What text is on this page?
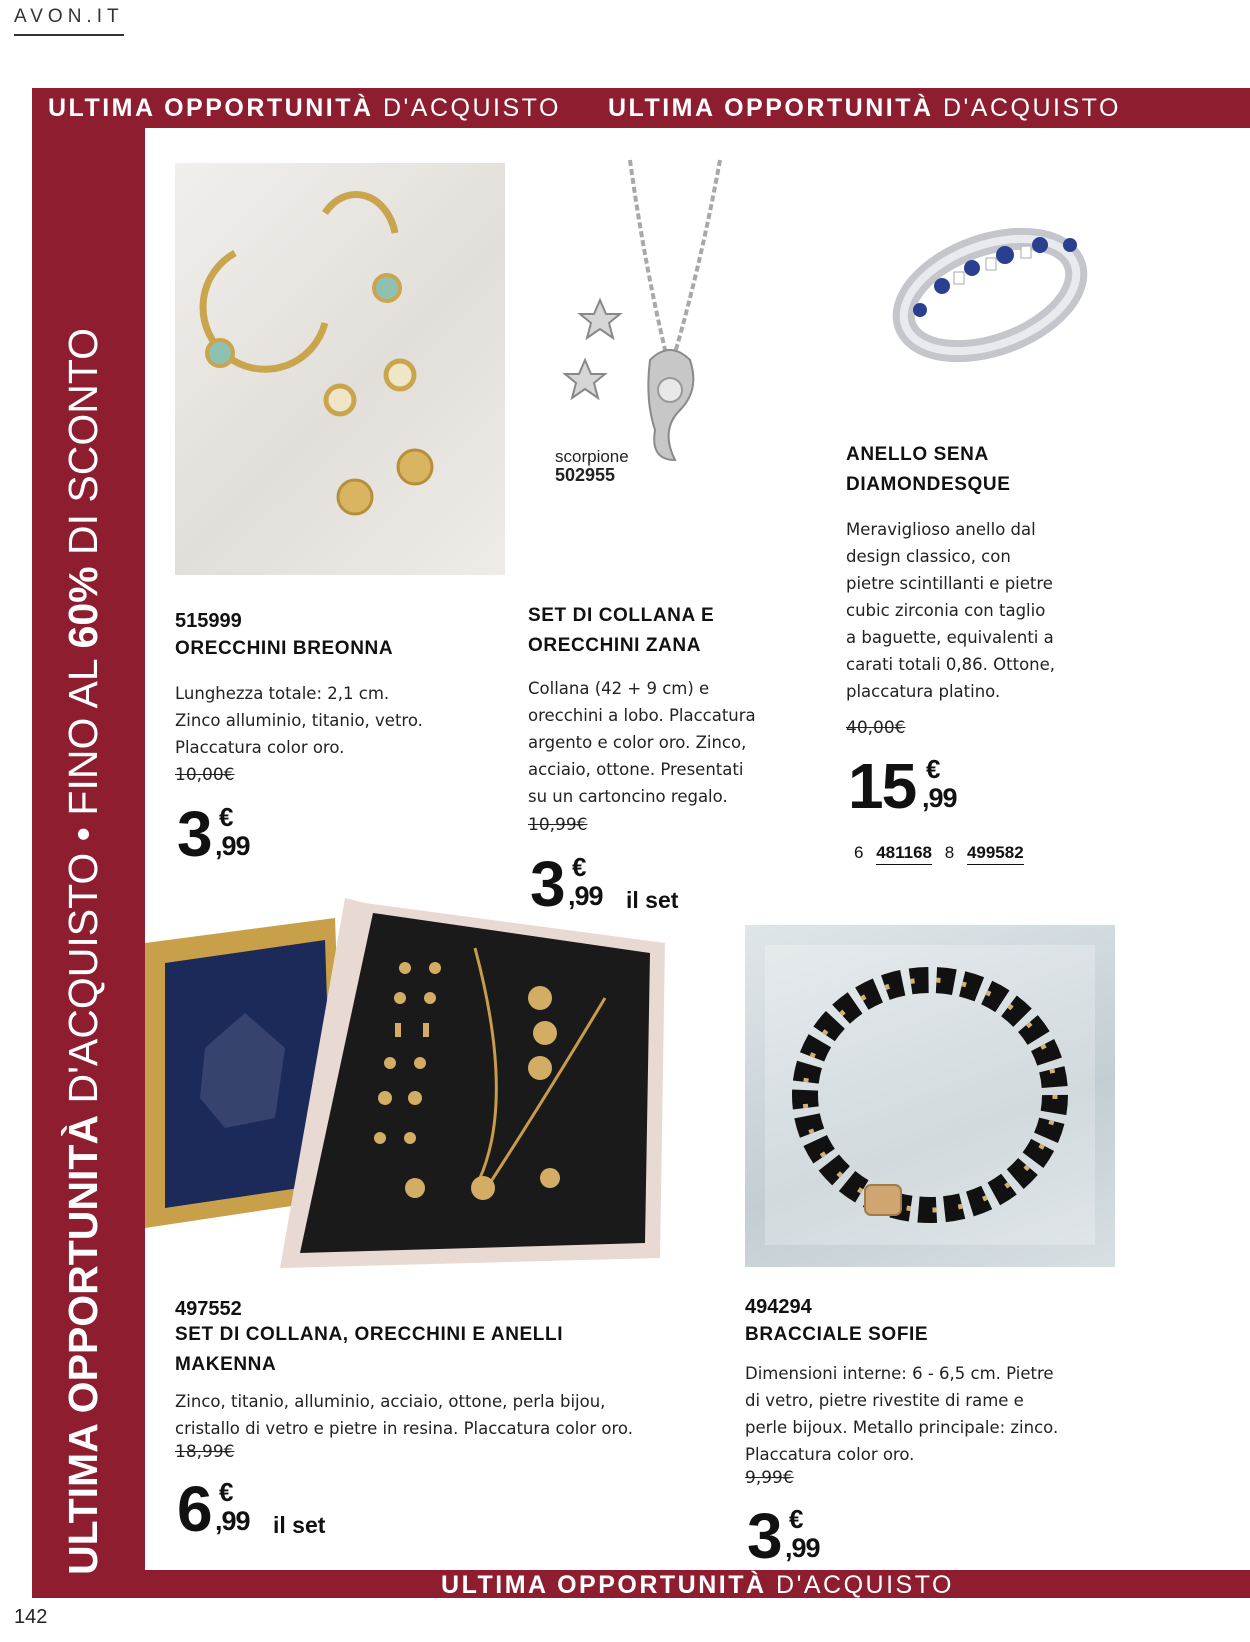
AVON.IT
ULTIMA OPPORTUNITÀ D'ACQUISTO ULTIMA OPPORTUNITÀ D'ACQUISTO
ULTIMA OPPORTUNITÀ D'ACQUISTO • FINO AL 60% DI SCONTO
ULTIMA OPPORTUNITÀ D'ACQUISTO
142
515999
ORECCHINI BREONNA
Lunghezza totale: 2,1 cm.
Zinco alluminio, titanio, vetro.
Placcatura color oro.
10,00€
3 €
,99
scorpione
502955
SET DI COLLANA E
ORECCHINI ZANA
Collana (42 + 9 cm) e
orecchini a lobo. Placcatura
argento e color oro. Zinco,
acciaio, ottone. Presentati
su un cartoncino regalo.
10,99€
3 €
,99 il set
ANELLO SENA
DIAMONDESQUE
Meraviglioso anello dal
design classico, con
pietre scintillanti e pietre
cubic zirconia con taglio
a baguette, equivalenti a
carati totali 0,86. Ottone,
placcatura platino.
40,00€
15 €
,99
6 481168 8 499582
497552
SET DI COLLANA, ORECCHINI E ANELLI
MAKENNA
Zinco, titanio, alluminio, acciaio, ottone, perla bijou,
cristallo di vetro e pietre in resina. Placcatura color oro.
18,99€
6 €
,99 il set
494294
BRACCIALE SOFIE
Dimensioni interne: 6 - 6,5 cm. Pietre
di vetro, pietre rivestite di rame e
perle bijoux. Metallo principale: zinco.
Placcatura color oro.
9,99€
3 €
,99
